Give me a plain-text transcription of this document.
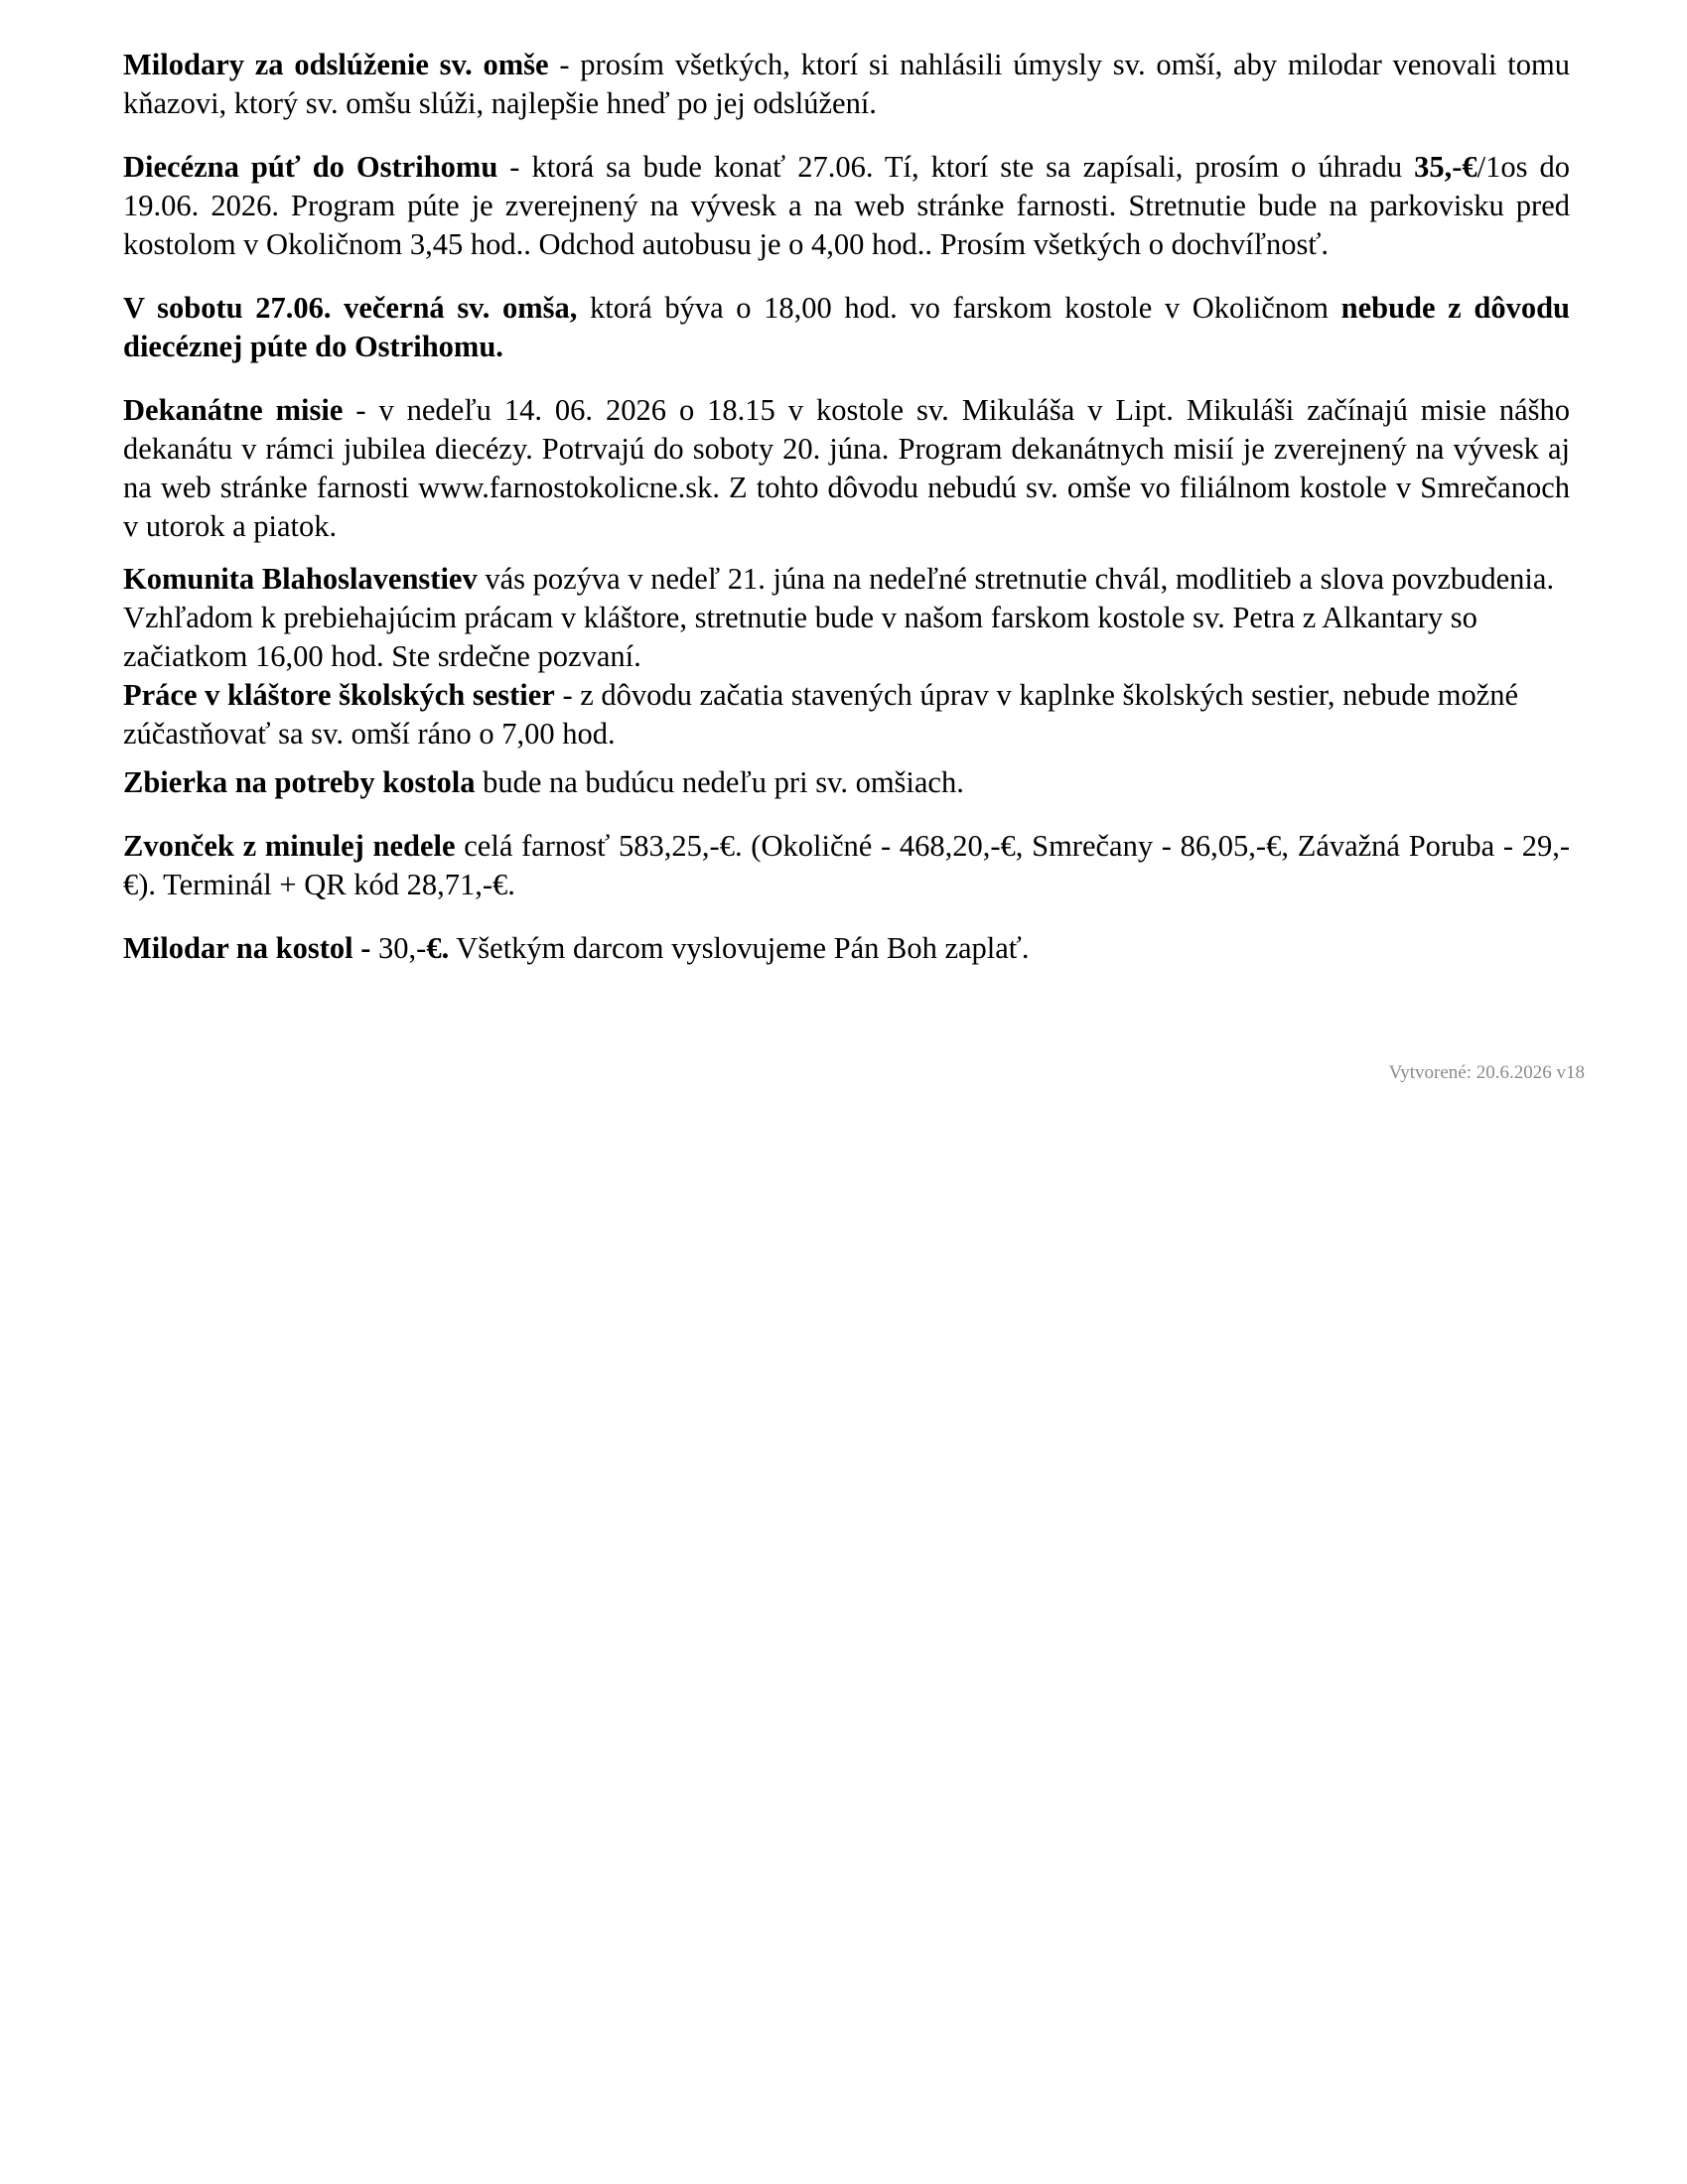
Milodary za odslúženie sv. omše - prosím všetkých, ktorí si nahlásili úmysly sv. omší, aby milodar venovali tomu kňazovi, ktorý sv. omšu slúži, najlepšie hneď po jej odslúžení.

Diecézna púť do Ostrihomu - ktorá sa bude konať 27.06. Tí, ktorí ste sa zapísali, prosím o úhradu 35,-€/1os do 19.06. 2026. Program púte je zverejnený na vývesk a na web stránke farnosti. Stretnutie bude na parkovisku pred kostolom v Okoličnom 3,45 hod.. Odchod autobusu je o 4,00 hod.. Prosím všetkých o dochvíľnosť.

V sobotu 27.06. večerná sv. omša, ktorá býva o 18,00 hod. vo farskom kostole v Okoličnom nebude z dôvodu diecéznej púte do Ostrihomu.

Dekanátne misie - v nedeľu 14. 06. 2026 o 18.15 v kostole sv. Mikuláša v Lipt. Mikuláši začínajú misie nášho dekanátu v rámci jubilea diecézy. Potrvajú do soboty 20. júna. Program dekanátnych misií je zverejnený na vývesk aj na web stránke farnosti www.farnostokolicne.sk. Z tohto dôvodu nebudú sv. omše vo filiálnom kostole v Smrečanoch v utorok a piatok.

Komunita Blahoslavenstiev vás pozýva v nedeľ 21. júna na nedeľné stretnutie chvál, modlitieb a slova povzbudenia.

Vzhľadom k prebiehajúcim prácam v kláštore, stretnutie bude v našom farskom kostole sv. Petra z Alkantary so začiatkom 16,00 hod. Ste srdečne pozvaní.

Práce v kláštore školských sestier - z dôvodu začatia stavených úprav v kaplnke školských sestier, nebude možné zúčastňovať sa sv. omší ráno o 7,00 hod.

Zbierka na potreby kostola bude na budúcu nedeľu pri sv. omšiach.

Zvonček z minulej nedele celá farnosť 583,25,-€. (Okoličné - 468,20,-€, Smrečany - 86,05,-€, Závažná Poruba - 29,-€). Terminál + QR kód 28,71,-€.

Milodar na kostol - 30,-€. Všetkým darcom vyslovujeme Pán Boh zaplať.

Vytvorené: 20.6.2026 v18
